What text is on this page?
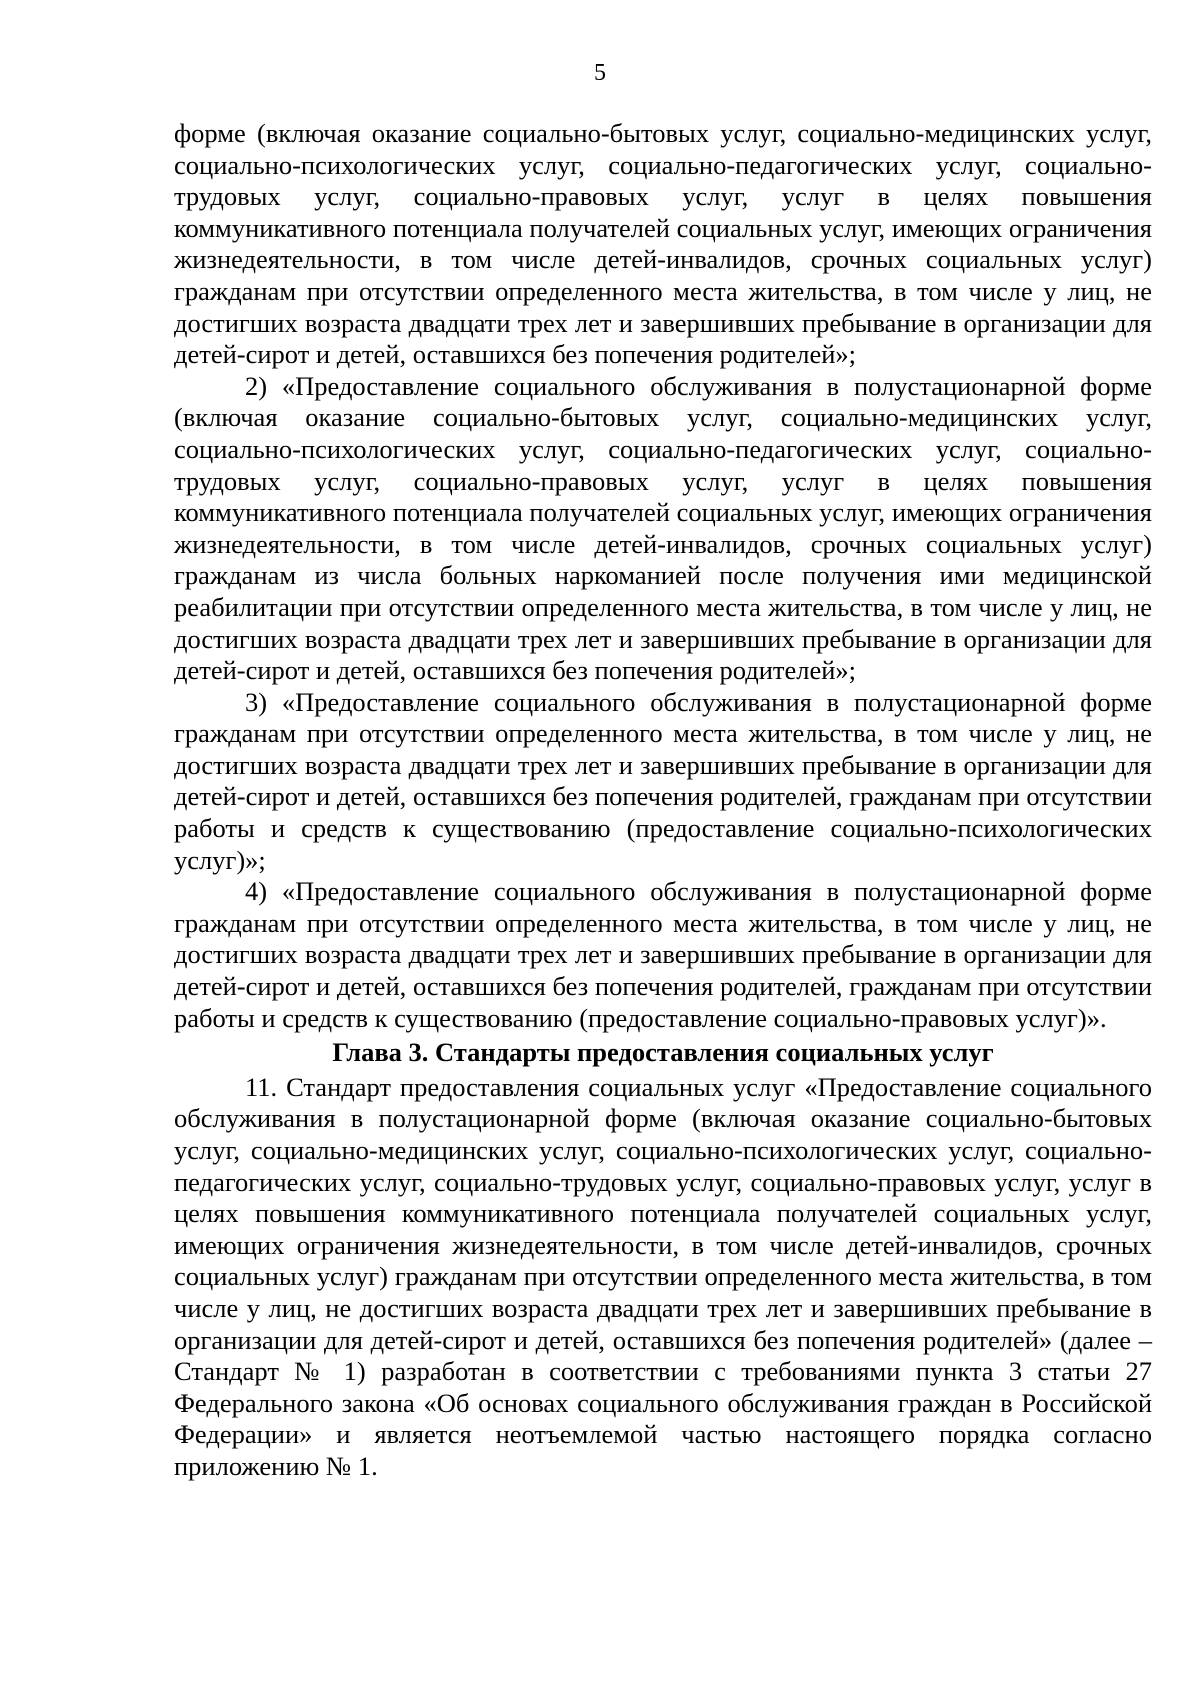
5

форме (включая оказание социально-бытовых услуг, социально-медицинских услуг, социально-психологических услуг, социально-педагогических услуг, социально-трудовых услуг, социально-правовых услуг, услуг в целях повышения коммуникативного потенциала получателей социальных услуг, имеющих ограничения жизнедеятельности, в том числе детей-инвалидов, срочных социальных услуг) гражданам при отсутствии определенного места жительства, в том числе у лиц, не достигших возраста двадцати трех лет и завершивших пребывание в организации для детей-сирот и детей, оставшихся без попечения родителей»;

2) «Предоставление социального обслуживания в полустационарной форме (включая оказание социально-бытовых услуг, социально-медицинских услуг, социально-психологических услуг, социально-педагогических услуг, социально-трудовых услуг, социально-правовых услуг, услуг в целях повышения коммуникативного потенциала получателей социальных услуг, имеющих ограничения жизнедеятельности, в том числе детей-инвалидов, срочных социальных услуг) гражданам из числа больных наркоманией после получения ими медицинской реабилитации при отсутствии определенного места жительства, в том числе у лиц, не достигших возраста двадцати трех лет и завершивших пребывание в организации для детей-сирот и детей, оставшихся без попечения родителей»;

3) «Предоставление социального обслуживания в полустационарной форме гражданам при отсутствии определенного места жительства, в том числе у лиц, не достигших возраста двадцати трех лет и завершивших пребывание в организации для детей-сирот и детей, оставшихся без попечения родителей, гражданам при отсутствии работы и средств к существованию (предоставление социально-психологических услуг)»;

4) «Предоставление социального обслуживания в полустационарной форме гражданам при отсутствии определенного места жительства, в том числе у лиц, не достигших возраста двадцати трех лет и завершивших пребывание в организации для детей-сирот и детей, оставшихся без попечения родителей, гражданам при отсутствии работы и средств к существованию (предоставление социально-правовых услуг)».

Глава 3. Стандарты предоставления социальных услуг

11. Стандарт предоставления социальных услуг «Предоставление социального обслуживания в полустационарной форме (включая оказание социально-бытовых услуг, социально-медицинских услуг, социально-психологических услуг, социально-педагогических услуг, социально-трудовых услуг, социально-правовых услуг, услуг в целях повышения коммуникативного потенциала получателей социальных услуг, имеющих ограничения жизнедеятельности, в том числе детей-инвалидов, срочных социальных услуг) гражданам при отсутствии определенного места жительства, в том числе у лиц, не достигших возраста двадцати трех лет и завершивших пребывание в организации для детей-сирот и детей, оставшихся без попечения родителей» (далее – Стандарт № 1) разработан в соответствии с требованиями пункта 3 статьи 27 Федерального закона «Об основах социального обслуживания граждан в Российской Федерации» и является неотъемлемой частью настоящего порядка согласно приложению № 1.
